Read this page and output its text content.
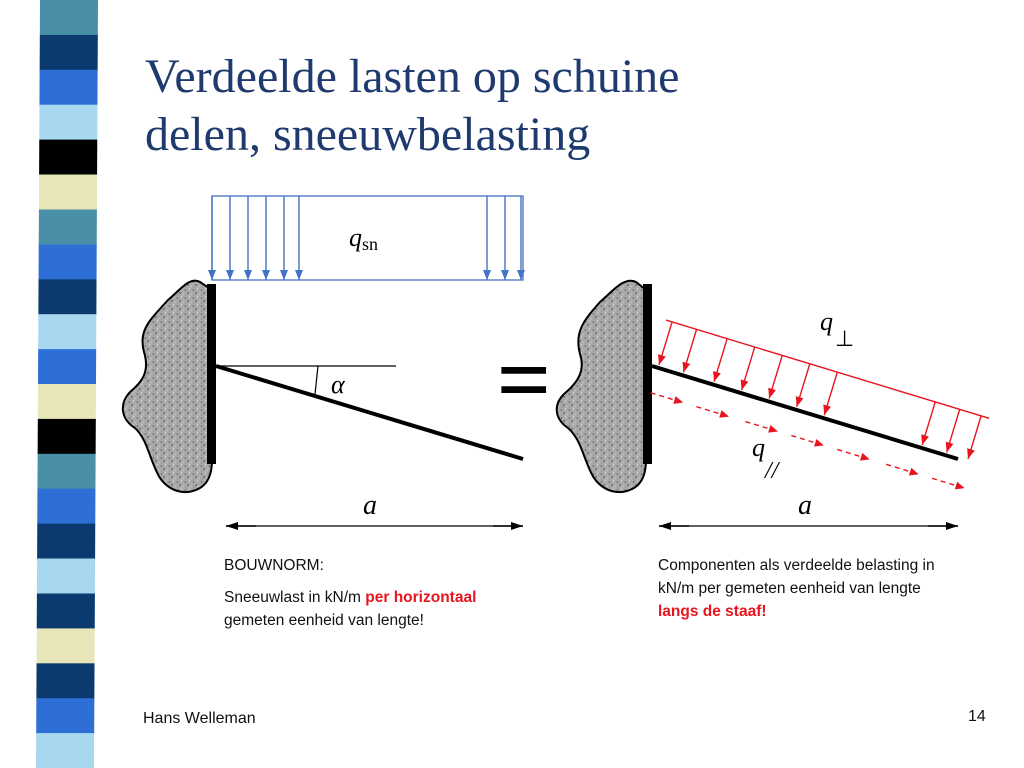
α
qsn
a
=
$q_\perp$
q//
a
Verdeelde lasten op schuine
delen, sneeuwbelasting

BOUWNORM:

Sneeuwlast in kN/m per horizontaal gemeten eenheid van lengte!

Componenten als verdeelde belasting in kN/m per gemeten eenheid van lengte langs de staaf!

Hans Welleman	14
